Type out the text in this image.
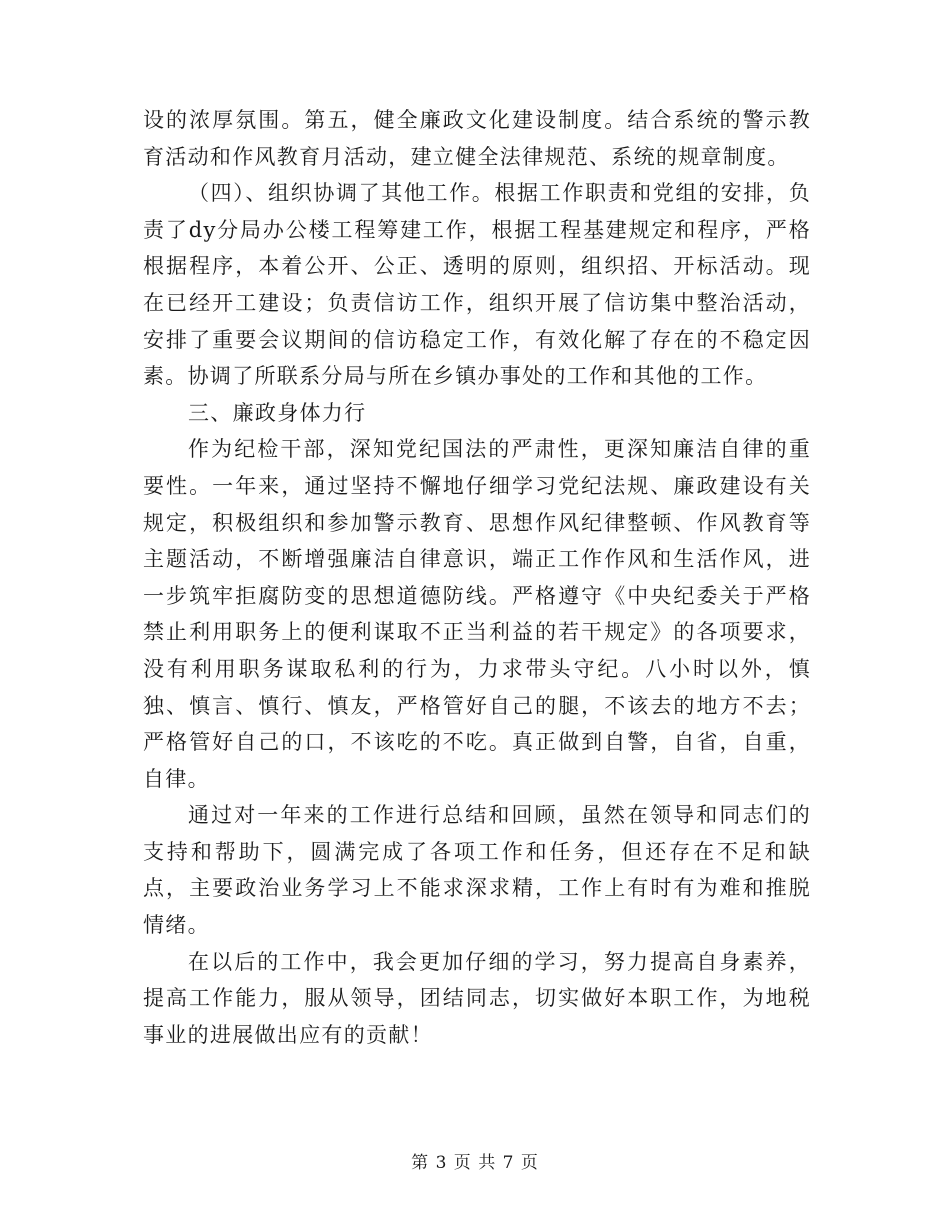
设的浓厚氛围。第五，健全廉政文化建设制度。结合系统的警示教育活动和作风教育月活动，建立健全法律规范、系统的规章制度。

（四）、组织协调了其他工作。根据工作职责和党组的安排，负责了dy分局办公楼工程筹建工作，根据工程基建规定和程序，严格根据程序，本着公开、公正、透明的原则，组织招、开标活动。现在已经开工建设；负责信访工作，组织开展了信访集中整治活动，安排了重要会议期间的信访稳定工作，有效化解了存在的不稳定因素。协调了所联系分局与所在乡镇办事处的工作和其他的工作。

三、廉政身体力行

作为纪检干部，深知党纪国法的严肃性，更深知廉洁自律的重要性。一年来，通过坚持不懈地仔细学习党纪法规、廉政建设有关规定，积极组织和参加警示教育、思想作风纪律整顿、作风教育等主题活动，不断增强廉洁自律意识，端正工作作风和生活作风，进一步筑牢拒腐防变的思想道德防线。严格遵守《中央纪委关于严格禁止利用职务上的便利谋取不正当利益的若干规定》的各项要求，没有利用职务谋取私利的行为，力求带头守纪。八小时以外，慎独、慎言、慎行、慎友，严格管好自己的腿，不该去的地方不去；严格管好自己的口，不该吃的不吃。真正做到自警，自省，自重，自律。

通过对一年来的工作进行总结和回顾，虽然在领导和同志们的支持和帮助下，圆满完成了各项工作和任务，但还存在不足和缺点，主要政治业务学习上不能求深求精，工作上有时有为难和推脱情绪。

在以后的工作中，我会更加仔细的学习，努力提高自身素养，提高工作能力，服从领导，团结同志，切实做好本职工作，为地税事业的进展做出应有的贡献！

第 3 页 共 7 页
